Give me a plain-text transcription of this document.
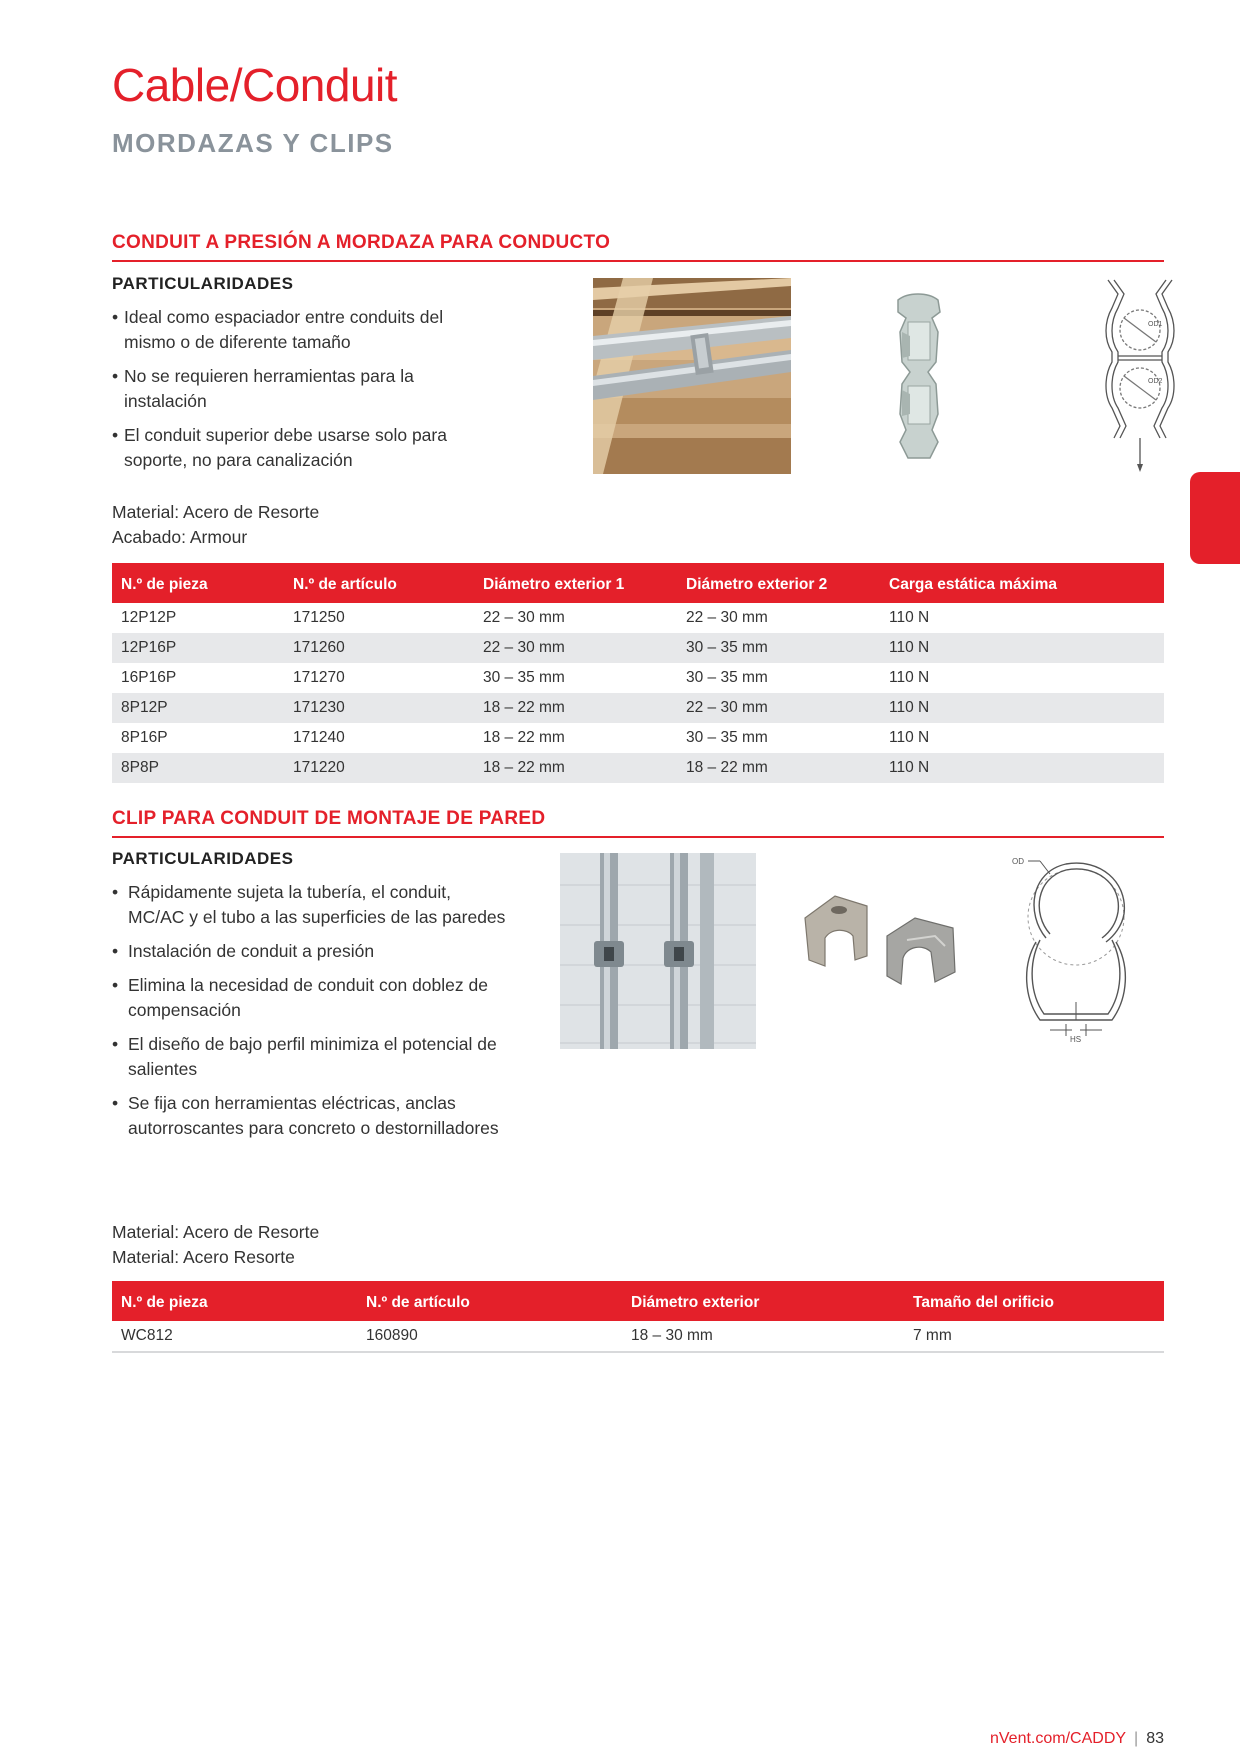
Cable/Conduit
MORDAZAS Y CLIPS
CONDUIT A PRESIÓN A MORDAZA PARA CONDUCTO
PARTICULARIDADES
• Ideal como espaciador entre conduits del mismo o de diferente tamaño
• No se requieren herramientas para la instalación
• El conduit superior debe usarse solo para soporte, no para canalización
Material: Acero de Resorte
Acabado: Armour
OD1
OD2
N.º de pieza	N.º de artículo	Diámetro exterior 1	Diámetro exterior 2	Carga estática máxima
12P12P	171250	22 – 30 mm	22 – 30 mm	110 N
12P16P	171260	22 – 30 mm	30 – 35 mm	110 N
16P16P	171270	30 – 35 mm	30 – 35 mm	110 N
8P12P	171230	18 – 22 mm	22 – 30 mm	110 N
8P16P	171240	18 – 22 mm	30 – 35 mm	110 N
8P8P	171220	18 – 22 mm	18 – 22 mm	110 N
CLIP PARA CONDUIT DE MONTAJE DE PARED
PARTICULARIDADES
• Rápidamente sujeta la tubería, el conduit, MC/AC y el tubo a las superficies de las paredes
• Instalación de conduit a presión
• Elimina la necesidad de conduit con doblez de compensación
• El diseño de bajo perfil minimiza el potencial de salientes
• Se fija con herramientas eléctricas, anclas autorroscantes para concreto o destornilladores
Material: Acero de Resorte
Material: Acero Resorte
OD
HS
N.º de pieza	N.º de artículo	Diámetro exterior	Tamaño del orificio
WC812	160890	18 – 30 mm	7 mm
nVent.com/CADDY | 83
